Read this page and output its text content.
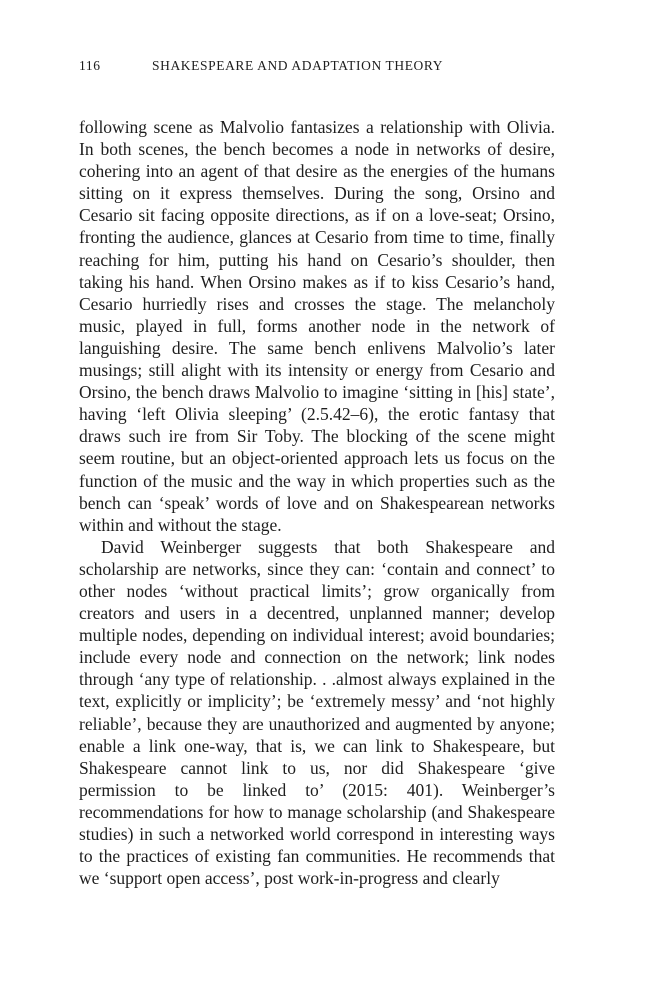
116	SHAKESPEARE AND ADAPTATION THEORY

following scene as Malvolio fantasizes a relationship with Olivia. In both scenes, the bench becomes a node in networks of desire, cohering into an agent of that desire as the energies of the humans sitting on it express themselves. During the song, Orsino and Cesario sit facing opposite directions, as if on a love-seat; Orsino, fronting the audience, glances at Cesario from time to time, finally reaching for him, putting his hand on Cesario’s shoulder, then taking his hand. When Orsino makes as if to kiss Cesario’s hand, Cesario hurriedly rises and crosses the stage. The melancholy music, played in full, forms another node in the network of languishing desire. The same bench enlivens Malvolio’s later musings; still alight with its intensity or energy from Cesario and Orsino, the bench draws Malvolio to imagine ‘sitting in [his] state’, having ‘left Olivia sleeping’ (2.5.42–6), the erotic fantasy that draws such ire from Sir Toby. The blocking of the scene might seem routine, but an object-oriented approach lets us focus on the function of the music and the way in which properties such as the bench can ‘speak’ words of love and on Shakespearean networks within and without the stage.

David Weinberger suggests that both Shakespeare and scholarship are networks, since they can: ‘contain and connect’ to other nodes ‘without practical limits’; grow organically from creators and users in a decentred, unplanned manner; develop multiple nodes, depending on individual interest; avoid boundaries; include every node and connection on the network; link nodes through ‘any type of relationship. . .almost always explained in the text, explicitly or implicity’; be ‘extremely messy’ and ‘not highly reliable’, because they are unauthorized and augmented by anyone; enable a link one-way, that is, we can link to Shakespeare, but Shakespeare cannot link to us, nor did Shakespeare ‘give permission to be linked to’ (2015: 401). Weinberger’s recommendations for how to manage scholarship (and Shakespeare studies) in such a networked world correspond in interesting ways to the practices of existing fan communities. He recommends that we ‘support open access’, post work-in-progress and clearly
